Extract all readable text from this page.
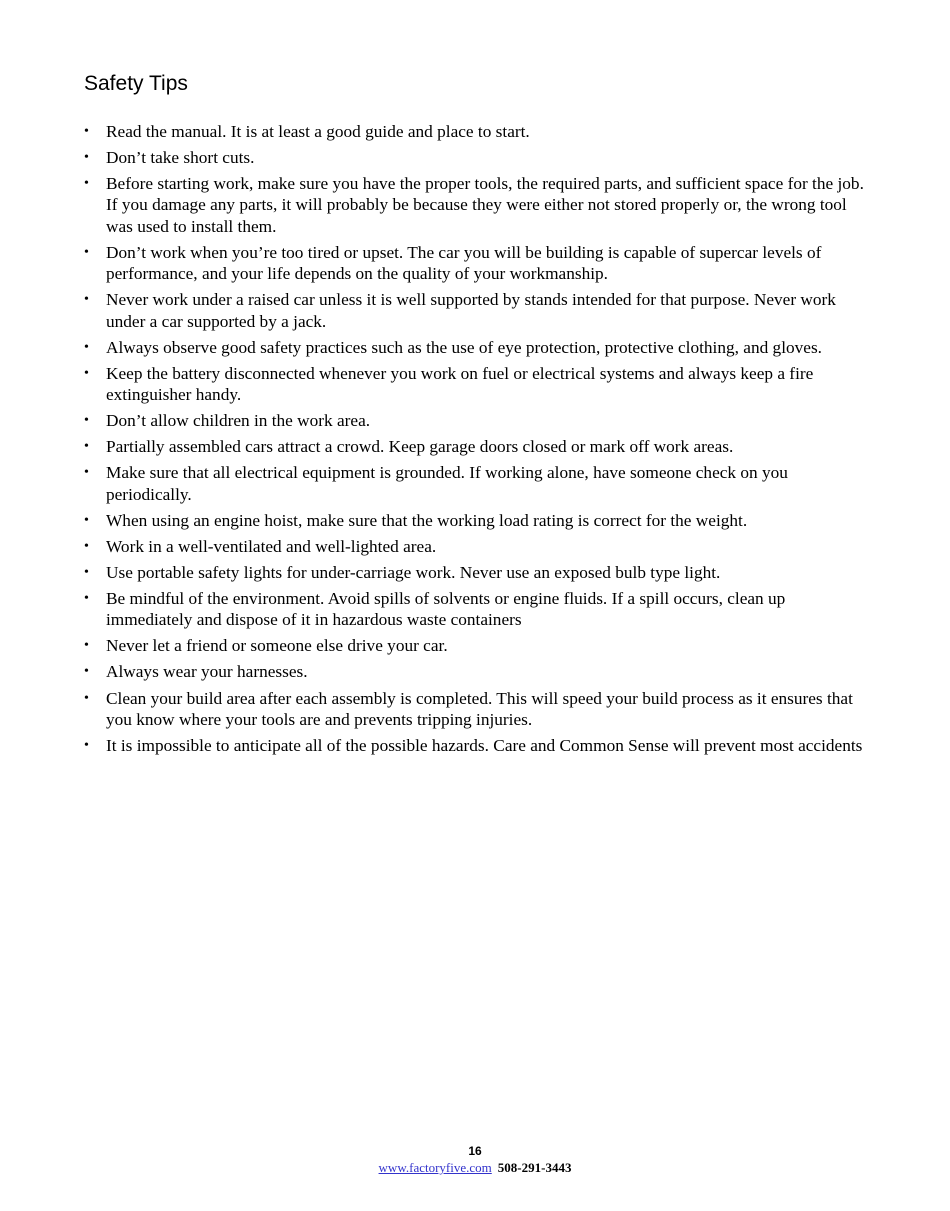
Safety Tips
• Read the manual. It is at least a good guide and place to start.
• Don’t take short cuts.
• Before starting work, make sure you have the proper tools, the required parts, and sufficient space for the job. If you damage any parts, it will probably be because they were either not stored properly or, the wrong tool was used to install them.
• Don’t work when you’re too tired or upset. The car you will be building is capable of supercar levels of performance, and your life depends on the quality of your workmanship.
• Never work under a raised car unless it is well supported by stands intended for that purpose. Never work under a car supported by a jack.
• Always observe good safety practices such as the use of eye protection, protective clothing, and gloves.
• Keep the battery disconnected whenever you work on fuel or electrical systems and always keep a fire extinguisher handy.
• Don’t allow children in the work area.
• Partially assembled cars attract a crowd. Keep garage doors closed or mark off work areas.
• Make sure that all electrical equipment is grounded. If working alone, have someone check on you periodically.
• When using an engine hoist, make sure that the working load rating is correct for the weight.
• Work in a well-ventilated and well-lighted area.
• Use portable safety lights for under-carriage work. Never use an exposed bulb type light.
• Be mindful of the environment. Avoid spills of solvents or engine fluids. If a spill occurs, clean up immediately and dispose of it in hazardous waste containers
• Never let a friend or someone else drive your car.
• Always wear your harnesses.
• Clean your build area after each assembly is completed. This will speed your build process as it ensures that you know where your tools are and prevents tripping injuries.
• It is impossible to anticipate all of the possible hazards. Care and Common Sense will prevent most accidents
16
www.factoryfive.com 508-291-3443
